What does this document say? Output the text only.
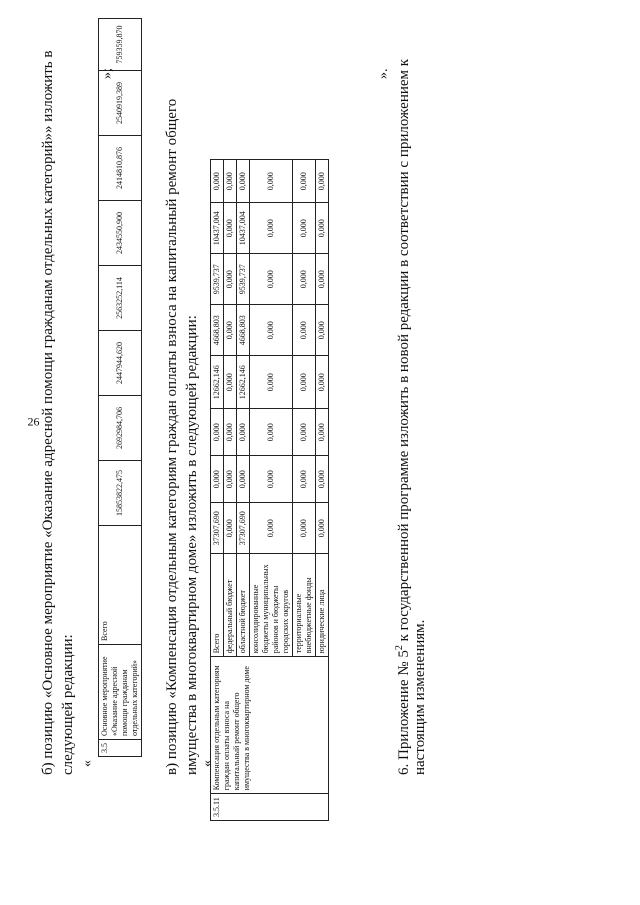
26 б) позицию «Основное мероприятие «Оказание адресной помощи гражданам отдельных категорий»» изложить в следующей редакции: «
3.5	Основное мероприятие «Оказание адресной помощи гражданам отдельных категорий»	Всего	15853822,475	2692984,706	2447944,620	2563252,114	2434550,900	2414810,876	2540919,389	759359,870
»;
в) позицию «Компенсация отдельным категориям граждан оплаты взноса на капитальный ремонт общего имущества в многоквартирном доме» изложить в следующей редакции: «
3.5.11	Компенсация отдельным категориям граждан оплаты взноса на капитальный ремонт общего имущества в многоквартирном доме	Всего	37307,690	0,000	0,000	12662,146	4668,803	9539,737	10437,004	0,000
		федеральный бюджет	0,000	0,000	0,000	0,000	0,000	0,000	0,000	0,000
		областной бюджет	37307,690	0,000	0,000	12662,146	4668,803	9539,737	10437,004	0,000
		консолидированные бюджеты муниципальных районов и бюджеты городских округов	0,000	0,000	0,000	0,000	0,000	0,000	0,000	0,000
		территориальные внебюджетные фонды	0,000	0,000	0,000	0,000	0,000	0,000	0,000	0,000
		юридические лица	0,000	0,000	0,000	0,000	0,000	0,000	0,000	0,000
».
6. Приложение № $5^2$ к государственной программе изложить в новой редакции в соответствии с приложением к
настоящим изменениям.
